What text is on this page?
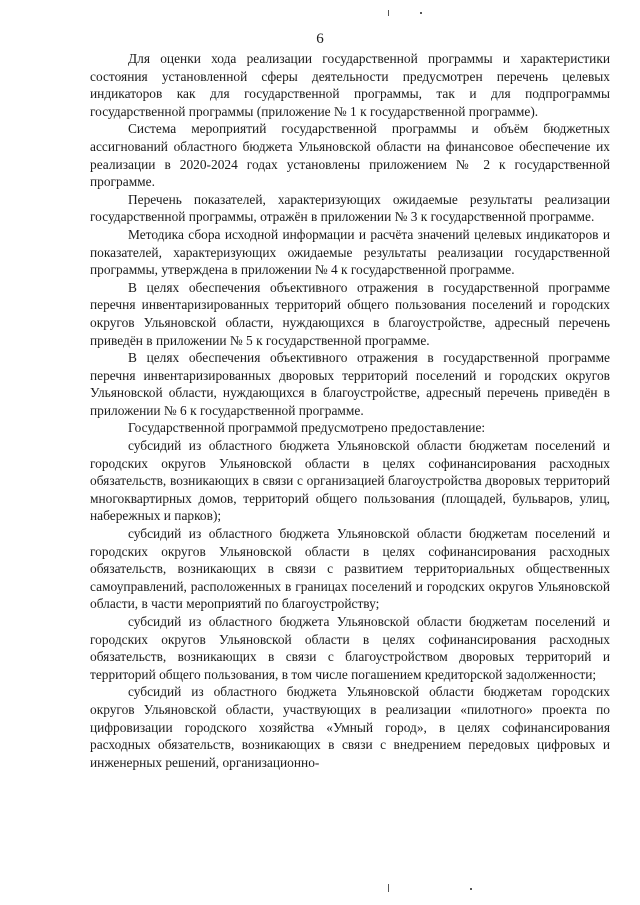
6

Для оценки хода реализации государственной программы и характеристики состояния установленной сферы деятельности предусмотрен перечень целевых индикаторов как для государственной программы, так и для подпрограммы государственной программы (приложение № 1 к государственной программе).

Система мероприятий государственной программы и объём бюджетных ассигнований областного бюджета Ульяновской области на финансовое обеспечение их реализации в 2020-2024 годах установлены приложением № 2 к государственной программе.

Перечень показателей, характеризующих ожидаемые результаты реализации государственной программы, отражён в приложении № 3 к государственной программе.

Методика сбора исходной информации и расчёта значений целевых индикаторов и показателей, характеризующих ожидаемые результаты реализации государственной программы, утверждена в приложении № 4 к государственной программе.

В целях обеспечения объективного отражения в государственной программе перечня инвентаризированных территорий общего пользования поселений и городских округов Ульяновской области, нуждающихся в благоустройстве, адресный перечень приведён в приложении № 5 к государственной программе.

В целях обеспечения объективного отражения в государственной программе перечня инвентаризированных дворовых территорий поселений и городских округов Ульяновской области, нуждающихся в благоустройстве, адресный перечень приведён в приложении № 6 к государственной программе.

Государственной программой предусмотрено предоставление:

субсидий из областного бюджета Ульяновской области бюджетам поселений и городских округов Ульяновской области в целях софинансирования расходных обязательств, возникающих в связи с организацией благоустройства дворовых территорий многоквартирных домов, территорий общего пользования (площадей, бульваров, улиц, набережных и парков);

субсидий из областного бюджета Ульяновской области бюджетам поселений и городских округов Ульяновской области в целях софинансирования расходных обязательств, возникающих в связи с развитием территориальных общественных самоуправлений, расположенных в границах поселений и городских округов Ульяновской области, в части мероприятий по благоустройству;

субсидий из областного бюджета Ульяновской области бюджетам поселений и городских округов Ульяновской области в целях софинансирования расходных обязательств, возникающих в связи с благоустройством дворовых территорий и территорий общего пользования, в том числе погашением кредиторской задолженности;

субсидий из областного бюджета Ульяновской области бюджетам городских округов Ульяновской области, участвующих в реализации «пилотного» проекта по цифровизации городского хозяйства «Умный город», в целях софинансирования расходных обязательств, возникающих в связи с внедрением передовых цифровых и инженерных решений, организационно-
